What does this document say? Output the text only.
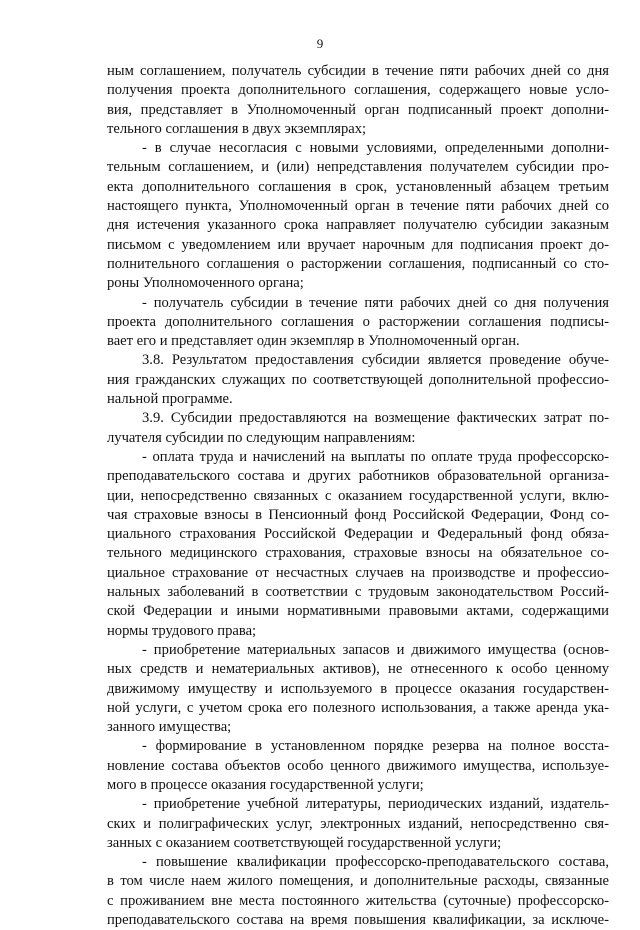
9
ным соглашением, получатель субсидии в течение пяти рабочих дней со дня
получения проекта дополнительного соглашения, содержащего новые усло-
вия, представляет в Уполномоченный орган подписанный проект дополни-
тельного соглашения в двух экземплярах;
- в случае несогласия с новыми условиями, определенными дополни-
тельным соглашением, и (или) непредставления получателем субсидии про-
екта дополнительного соглашения в срок, установленный абзацем третьим
настоящего пункта, Уполномоченный орган в течение пяти рабочих дней со
дня истечения указанного срока направляет получателю субсидии заказным
письмом с уведомлением или вручает нарочным для подписания проект до-
полнительного соглашения о расторжении соглашения, подписанный со сто-
роны Уполномоченного органа;
- получатель субсидии в течение пяти рабочих дней со дня получения
проекта дополнительного соглашения о расторжении соглашения подписы-
вает его и представляет один экземпляр в Уполномоченный орган.
3.8. Результатом предоставления субсидии является проведение обуче-
ния гражданских служащих по соответствующей дополнительной профессио-
нальной программе.
3.9. Субсидии предоставляются на возмещение фактических затрат по-
лучателя субсидии по следующим направлениям:
- оплата труда и начислений на выплаты по оплате труда профессорско-
преподавательского состава и других работников образовательной организа-
ции, непосредственно связанных с оказанием государственной услуги, вклю-
чая страховые взносы в Пенсионный фонд Российской Федерации, Фонд со-
циального страхования Российской Федерации и Федеральный фонд обяза-
тельного медицинского страхования, страховые взносы на обязательное со-
циальное страхование от несчастных случаев на производстве и профессио-
нальных заболеваний в соответствии с трудовым законодательством Россий-
ской Федерации и иными нормативными правовыми актами, содержащими
нормы трудового права;
- приобретение материальных запасов и движимого имущества (основ-
ных средств и нематериальных активов), не отнесенного к особо ценному
движимому имуществу и используемого в процессе оказания государствен-
ной услуги, с учетом срока его полезного использования, а также аренда ука-
занного имущества;
- формирование в установленном порядке резерва на полное восста-
новление состава объектов особо ценного движимого имущества, используе-
мого в процессе оказания государственной услуги;
- приобретение учебной литературы, периодических изданий, издатель-
ских и полиграфических услуг, электронных изданий, непосредственно свя-
занных с оказанием соответствующей государственной услуги;
- повышение квалификации профессорско-преподавательского состава,
в том числе наем жилого помещения, и дополнительные расходы, связанные
с проживанием вне места постоянного жительства (суточные) профессорско-
преподавательского состава на время повышения квалификации, за исключе-
